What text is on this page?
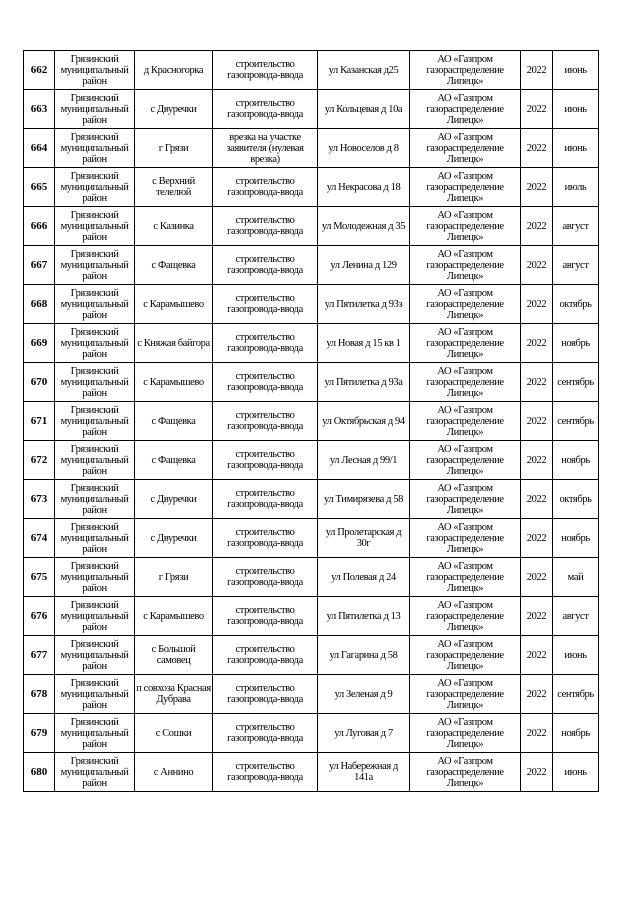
662	Грязинский муниципальный район	д Красногорка	строительство газопровода-ввода	ул Казанская д25	АО «Газпром газораспределение Липецк»	2022	июнь
663	Грязинский муниципальный район	с Двуречки	строительство газопровода-ввода	ул Кольцевая д 10а	АО «Газпром газораспределение Липецк»	2022	июнь
664	Грязинский муниципальный район	г Грязи	врезка на участке заявителя (нулевая врезка)	ул Новоселов д 8	АО «Газпром газораспределение Липецк»	2022	июнь
665	Грязинский муниципальный район	с Верхний телелюй	строительство газопровода-ввода	ул Некрасова д 18	АО «Газпром газораспределение Липецк»	2022	июль
666	Грязинский муниципальный район	с Казинка	строительство газопровода-ввода	ул Молодежная д 35	АО «Газпром газораспределение Липецк»	2022	август
667	Грязинский муниципальный район	с Фащевка	строительство газопровода-ввода	ул Ленина д 129	АО «Газпром газораспределение Липецк»	2022	август
668	Грязинский муниципальный район	с Карамышево	строительство газопровода-ввода	ул Пятилетка д 93з	АО «Газпром газораспределение Липецк»	2022	октябрь
669	Грязинский муниципальный район	с Княжая байгора	строительство газопровода-ввода	ул Новая д 15 кв 1	АО «Газпром газораспределение Липецк»	2022	ноябрь
670	Грязинский муниципальный район	с Карамышево	строительство газопровода-ввода	ул Пятилетка д 93а	АО «Газпром газораспределение Липецк»	2022	сентябрь
671	Грязинский муниципальный район	с Фащевка	строительство газопровода-ввода	ул Октябрьская д 94	АО «Газпром газораспределение Липецк»	2022	сентябрь
672	Грязинский муниципальный район	с Фащевка	строительство газопровода-ввода	ул Лесная д 99/1	АО «Газпром газораспределение Липецк»	2022	ноябрь
673	Грязинский муниципальный район	с Двуречки	строительство газопровода-ввода	ул Тимирязева д 58	АО «Газпром газораспределение Липецк»	2022	октябрь
674	Грязинский муниципальный район	с Двуречки	строительство газопровода-ввода	ул Пролетарская д 30г	АО «Газпром газораспределение Липецк»	2022	ноябрь
675	Грязинский муниципальный район	г Грязи	строительство газопровода-ввода	ул Полевая д 24	АО «Газпром газораспределение Липецк»	2022	май
676	Грязинский муниципальный район	с Карамышево	строительство газопровода-ввода	ул Пятилетка д 13	АО «Газпром газораспределение Липецк»	2022	август
677	Грязинский муниципальный район	с Большой самовец	строительство газопровода-ввода	ул Гагарина д 58	АО «Газпром газораспределение Липецк»	2022	июнь
678	Грязинский муниципальный район	п совхоза Красная Дубрава	строительство газопровода-ввода	ул Зеленая д 9	АО «Газпром газораспределение Липецк»	2022	сентябрь
679	Грязинский муниципальный район	с Сошки	строительство газопровода-ввода	ул Луговая д 7	АО «Газпром газораспределение Липецк»	2022	ноябрь
680	Грязинский муниципальный район	с Аннино	строительство газопровода-ввода	ул Набережная д 141а	АО «Газпром газораспределение Липецк»	2022	июнь
